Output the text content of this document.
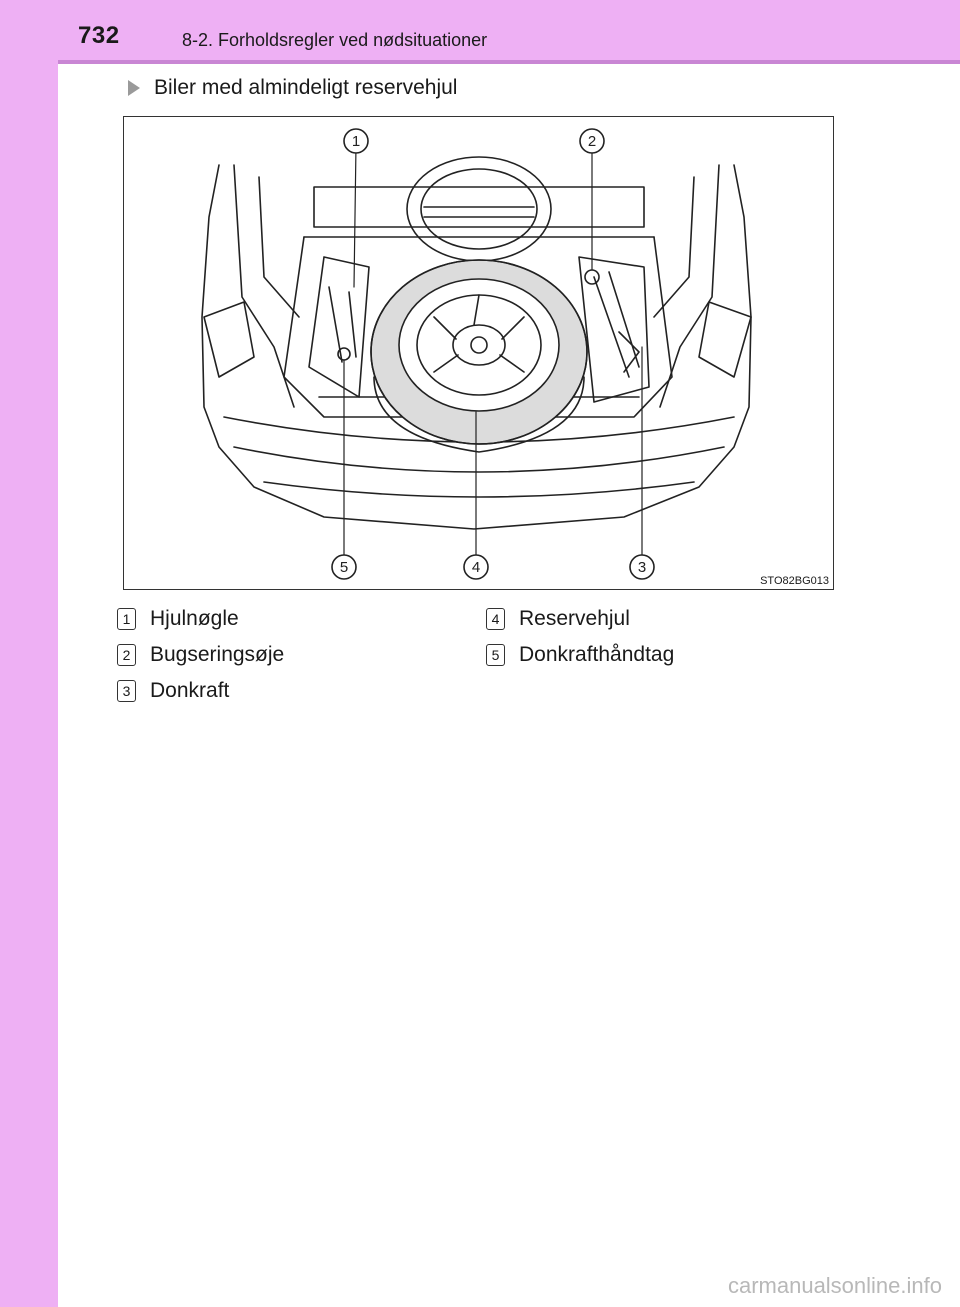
732	8-2. Forholdsregler ved nødsituationer
Biler med almindeligt reservehjul
1	2
3
4
5
STO82BG013
1 Hjulnøgle
2 Bugseringsøje
3 Donkraft
4 Reservehjul
5 Donkrafthåndtag
carmanualsonline.info
